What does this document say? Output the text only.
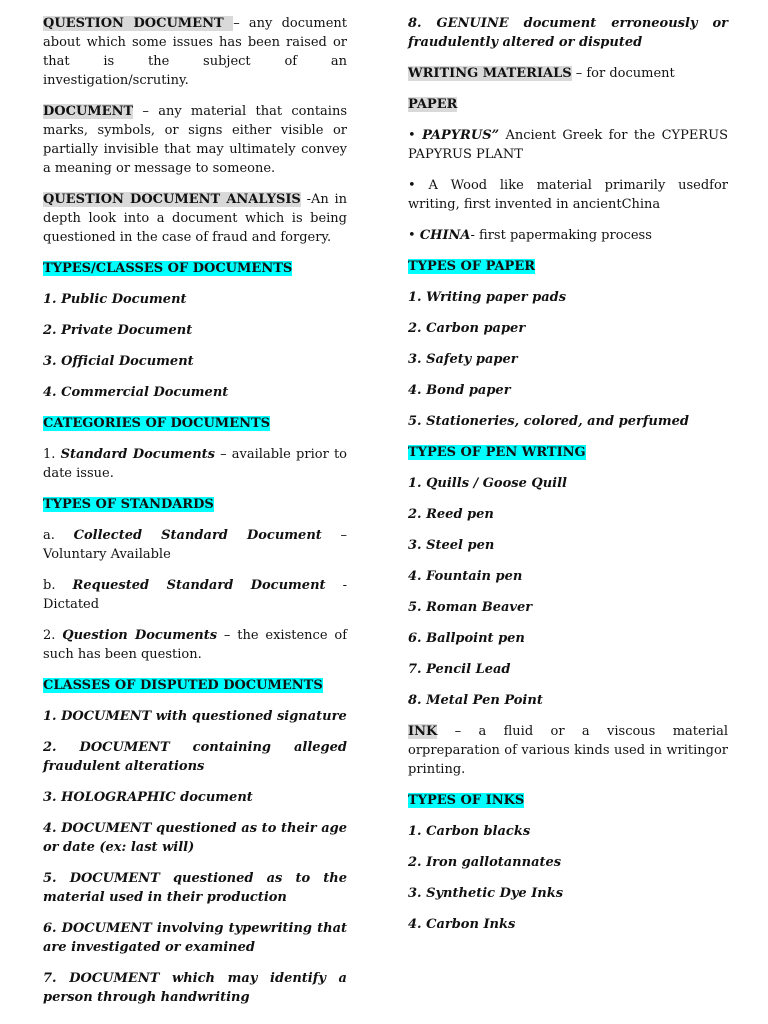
QUESTION DOCUMENT – any document about which some issues has been raised or that is the subject of an investigation/scrutiny.

DOCUMENT – any material that contains marks, symbols, or signs either visible or partially invisible that may ultimately convey a meaning or message to someone.

QUESTION DOCUMENT ANALYSIS -An in depth look into a document which is being questioned in the case of fraud and forgery.

TYPES/CLASSES OF DOCUMENTS

1. Public Document

2. Private Document

3. Official Document

4. Commercial Document

CATEGORIES OF DOCUMENTS

1. Standard Documents – available prior to date issue.

TYPES OF STANDARDS

a. Collected Standard Document – Voluntary Available

b. Requested Standard Document - Dictated

2. Question Documents – the existence of such has been question.

CLASSES OF DISPUTED DOCUMENTS

1. DOCUMENT with questioned signature

2. DOCUMENT containing alleged fraudulent alterations

3. HOLOGRAPHIC document

4. DOCUMENT questioned as to their age or date (ex: last will)

5. DOCUMENT questioned as to the material used in their production

6. DOCUMENT involving typewriting that are investigated or examined

7. DOCUMENT which may identify a person through handwriting

8. GENUINE document erroneously or fraudulently altered or disputed

WRITING MATERIALS – for document

PAPER

• PAPYRUS” Ancient Greek for the CYPERUS PAPYRUS PLANT

• A Wood like material primarily usedfor writing, first invented in ancientChina

• CHINA- first papermaking process

TYPES OF PAPER

1. Writing paper pads

2. Carbon paper

3. Safety paper

4. Bond paper

5. Stationeries, colored, and perfumed

TYPES OF PEN WRTING

1. Quills / Goose Quill

2. Reed pen

3. Steel pen

4. Fountain pen

5. Roman Beaver

6. Ballpoint pen

7. Pencil Lead

8. Metal Pen Point

INK – a fluid or a viscous material orpreparation of various kinds used in writingor printing.

TYPES OF INKS

1. Carbon blacks

2. Iron gallotannates

3. Synthetic Dye Inks

4. Carbon Inks
